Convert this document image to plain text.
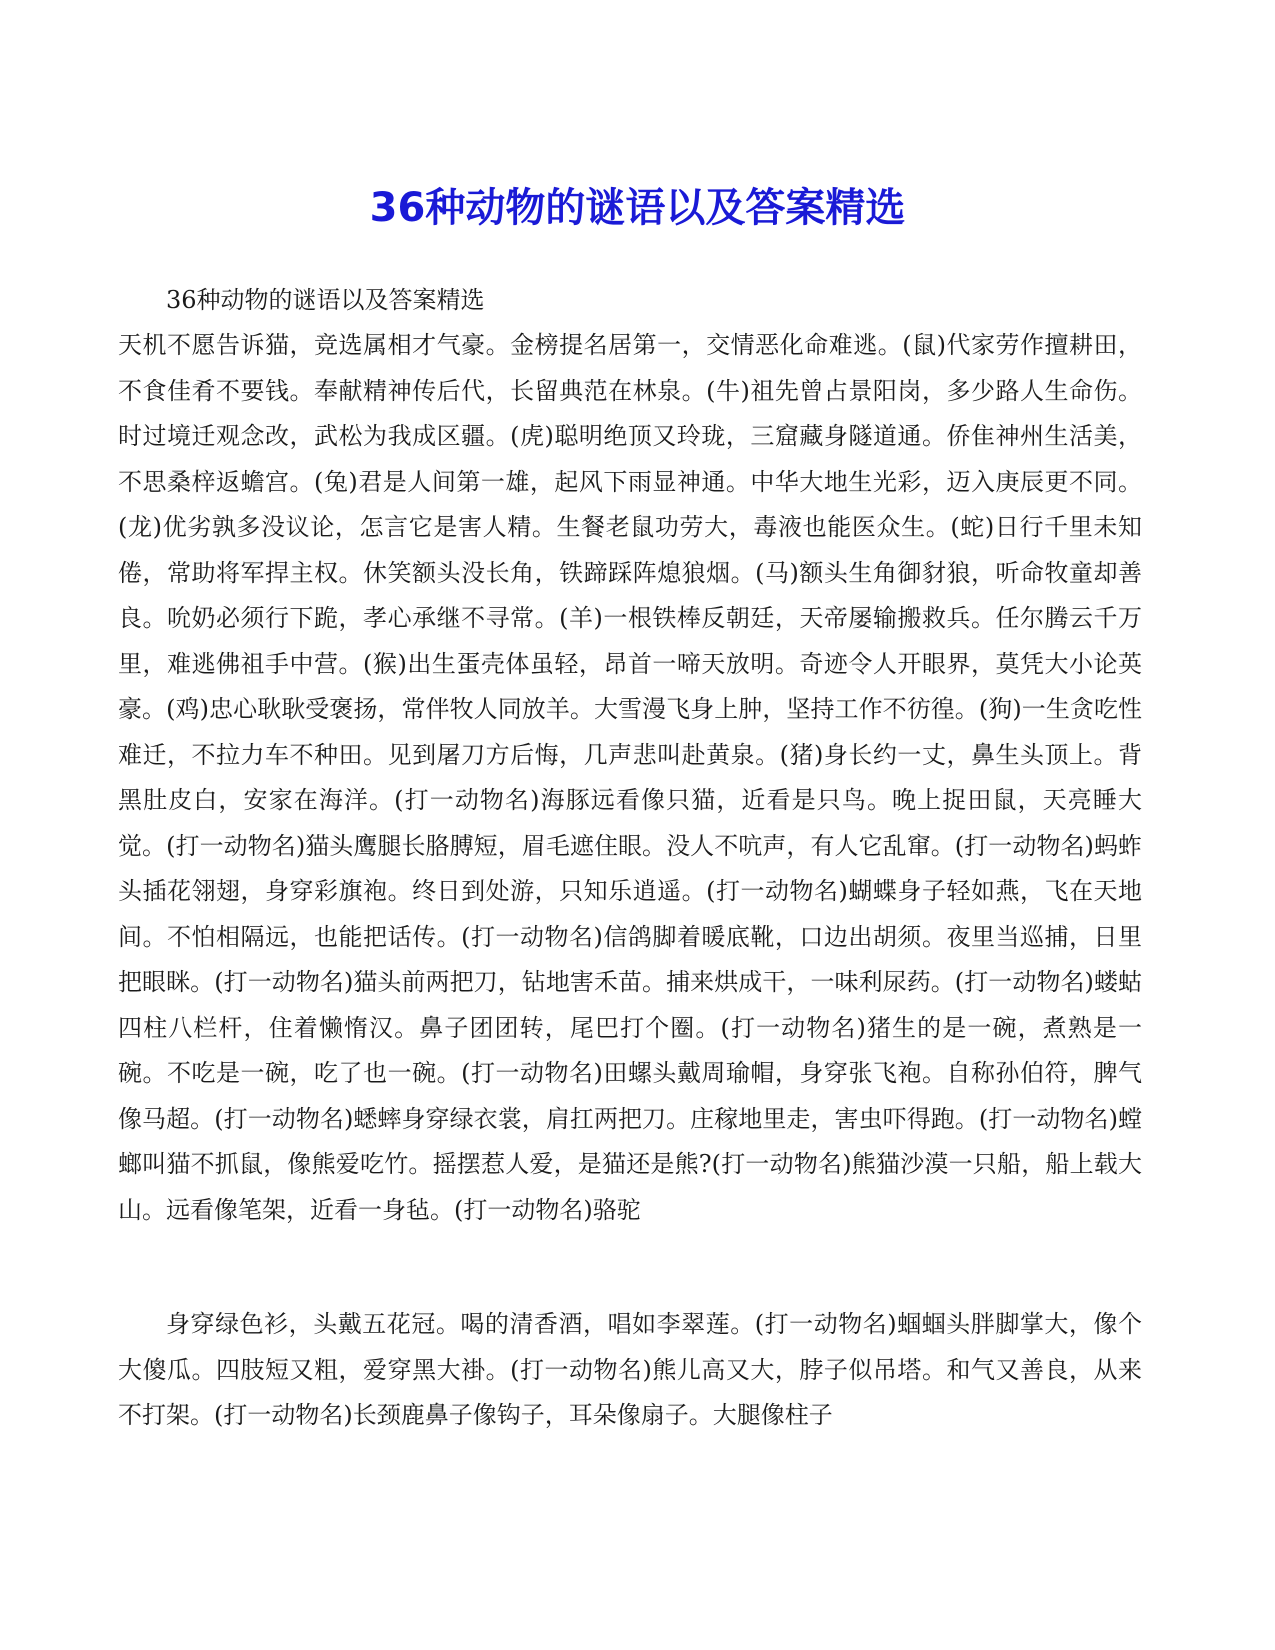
36种动物的谜语以及答案精选

36种动物的谜语以及答案精选

天机不愿告诉猫，竞选属相才气豪。金榜提名居第一，交情恶化命难逃。(鼠)代家劳作擅耕田，不食佳肴不要钱。奉献精神传后代，长留典范在林泉。(牛)祖先曾占景阳岗，多少路人生命伤。时过境迁观念改，武松为我成区疆。(虎)聪明绝顶又玲珑，三窟藏身隧道通。侨隹神州生活美，不思桑梓返蟾宫。(兔)君是人间第一雄，起风下雨显神通。中华大地生光彩，迈入庚辰更不同。(龙)优劣孰多没议论，怎言它是害人精。生餐老鼠功劳大，毒液也能医众生。(蛇)日行千里未知倦，常助将军捍主权。休笑额头没长角，铁蹄踩阵熄狼烟。(马)额头生角御豺狼，听命牧童却善良。吮奶必须行下跪，孝心承继不寻常。(羊)一根铁棒反朝廷，天帝屡输搬救兵。任尔腾云千万里，难逃佛祖手中营。(猴)出生蛋壳体虽轻，昂首一啼天放明。奇迹令人开眼界，莫凭大小论英豪。(鸡)忠心耿耿受褒扬，常伴牧人同放羊。大雪漫飞身上肿，坚持工作不彷徨。(狗)一生贪吃性难迁，不拉力车不种田。见到屠刀方后悔，几声悲叫赴黄泉。(猪)身长约一丈，鼻生头顶上。背黑肚皮白，安家在海洋。(打一动物名)海豚远看像只猫，近看是只鸟。晚上捉田鼠，天亮睡大觉。(打一动物名)猫头鹰腿长胳膊短，眉毛遮住眼。没人不吭声，有人它乱窜。(打一动物名)蚂蚱头插花翎翅，身穿彩旗袍。终日到处游，只知乐逍遥。(打一动物名)蝴蝶身子轻如燕，飞在天地间。不怕相隔远，也能把话传。(打一动物名)信鸽脚着暖底靴，口边出胡须。夜里当巡捕，日里把眼眯。(打一动物名)猫头前两把刀，钻地害禾苗。捕来烘成干，一味利尿药。(打一动物名)蝼蛄四柱八栏杆，住着懒惰汉。鼻子团团转，尾巴打个圈。(打一动物名)猪生的是一碗，煮熟是一碗。不吃是一碗，吃了也一碗。(打一动物名)田螺头戴周瑜帽，身穿张飞袍。自称孙伯符，脾气像马超。(打一动物名)蟋蟀身穿绿衣裳，肩扛两把刀。庄稼地里走，害虫吓得跑。(打一动物名)螳螂叫猫不抓鼠，像熊爱吃竹。摇摆惹人爱，是猫还是熊?(打一动物名)熊猫沙漠一只船，船上载大山。远看像笔架，近看一身毡。(打一动物名)骆驼

身穿绿色衫，头戴五花冠。喝的清香酒，唱如李翠莲。(打一动物名)蝈蝈头胖脚掌大，像个大傻瓜。四肢短又粗，爱穿黑大褂。(打一动物名)熊儿高又大，脖子似吊塔。和气又善良，从来不打架。(打一动物名)长颈鹿鼻子像钩子，耳朵像扇子。大腿像柱子
